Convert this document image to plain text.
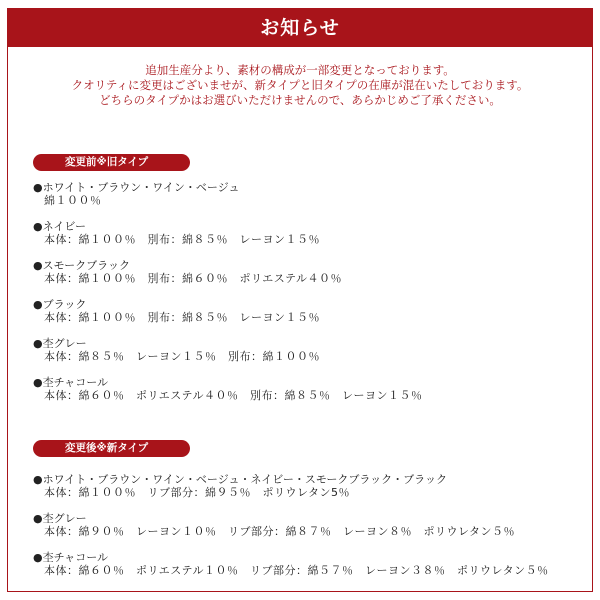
お知らせ
追加生産分より、素材の構成が一部変更となっております。
クオリティに変更はございませが、新タイプと旧タイプの在庫が混在いたしております。
どちらのタイプかはお選びいただけませんので、あらかじめご了承ください。
変更前※旧タイプ
●ホワイト・ブラウン・ワイン・ベージュ
綿１００％
●ネイビー
本体：綿１００％　別布：綿８５％　レーヨン１５％
●スモークブラック
本体：綿１００％　別布：綿６０％　ポリエステル４０％
●ブラック
本体：綿１００％　別布：綿８５％　レーヨン１５％
●杢グレー
本体：綿８５％　レーヨン１５％　別布：綿１００％
●杢チャコール
本体：綿６０％　ポリエステル４０％　別布：綿８５％　レーヨン１５％
変更後※新タイプ
●ホワイト・ブラウン・ワイン・ベージュ・ネイビー・スモークブラック・ブラック
本体：綿１００％　リブ部分：綿９５％　ポリウレタン5％
●杢グレー
本体：綿９０％　レーヨン１０％　リブ部分：綿８７％　レーヨン８％　ポリウレタン５％
●杢チャコール
本体：綿６０％　ポリエステル１０％　リブ部分：綿５７％　レーヨン３８％　ポリウレタン５％
